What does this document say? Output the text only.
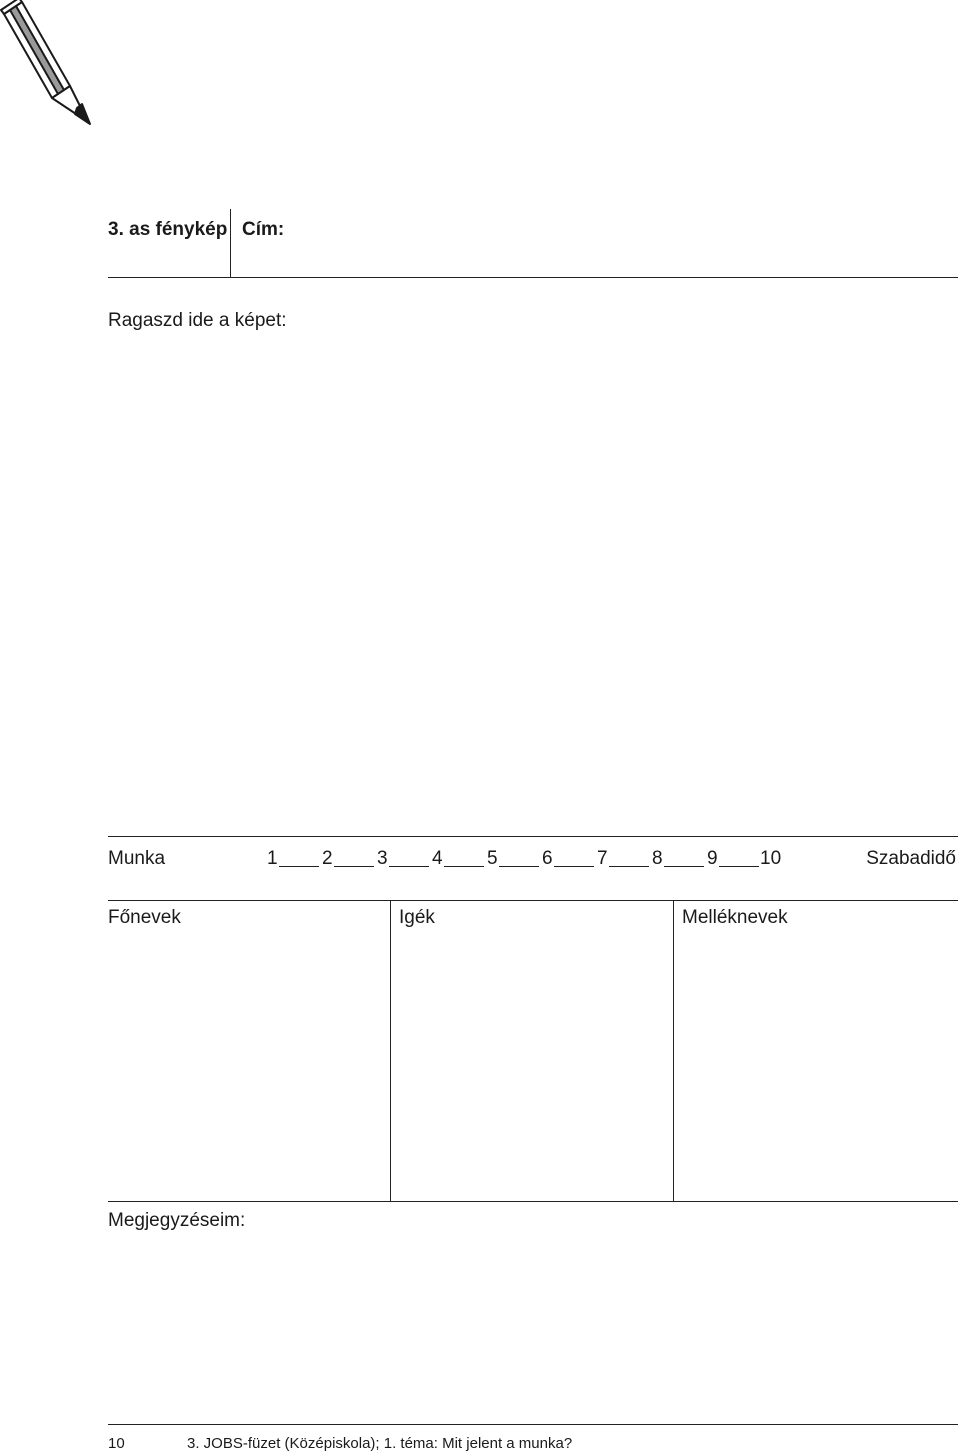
3. as fénykép Cím:
Ragaszd ide a képet:
Munka	1 2 3 4 5 6 7 8 9 10	Szabadidő
Főnevek	Igék	Melléknevek
Megjegyzéseim:
10	3. JOBS-füzet (Középiskola); 1. téma: Mit jelent a munka?
